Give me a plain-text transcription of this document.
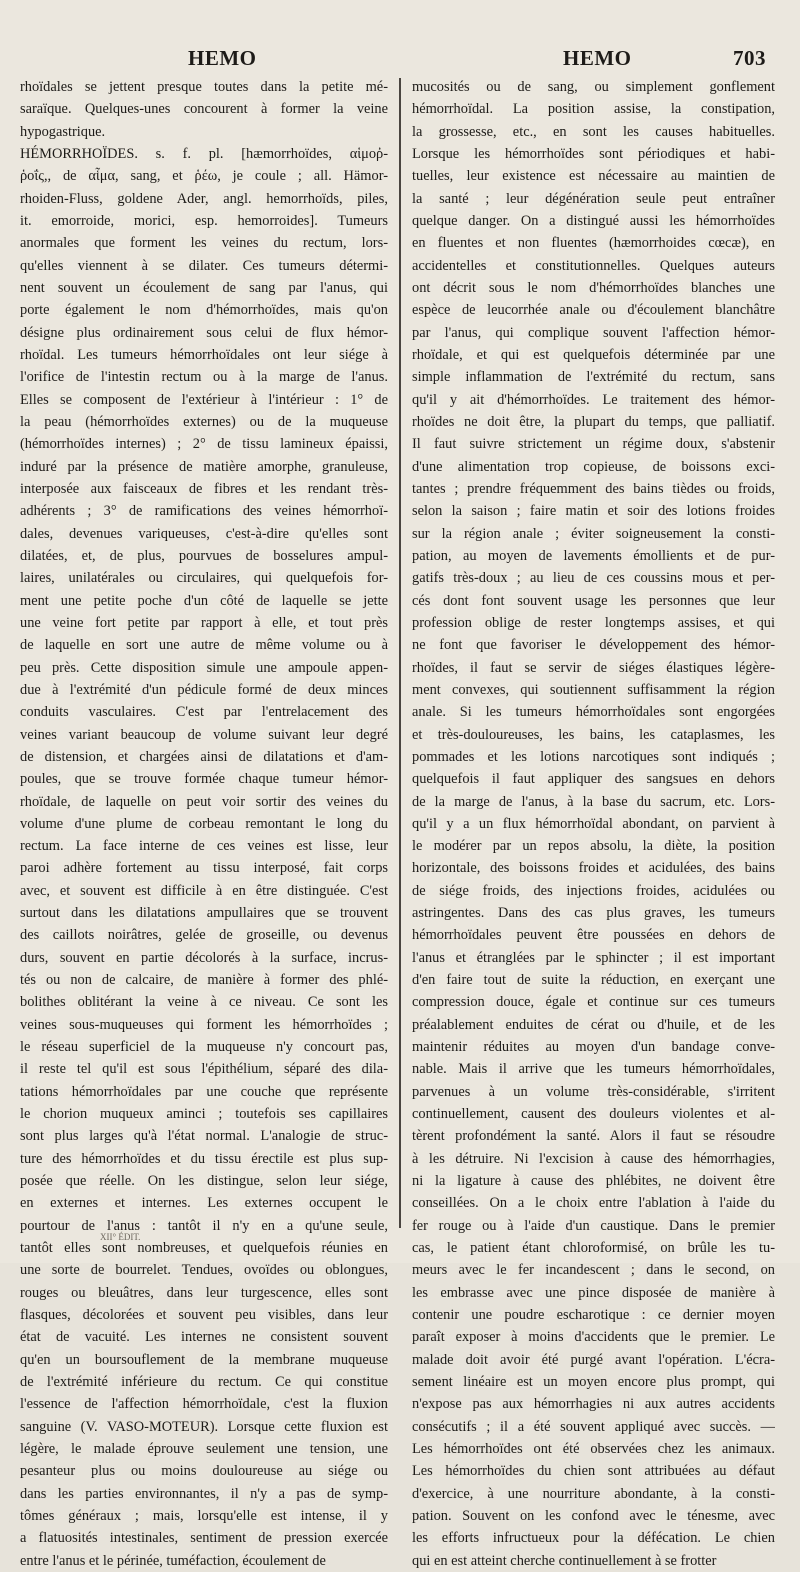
HEMO	HEMO	703
rhoïdales se jettent presque toutes dans la petite mé-
saraïque. Quelques-unes concourent à former la veine
hypogastrique.
HÉMORRHOÏDES. s. f. pl. [hæmorrhoïdes, αἱμοῤ-
ῥοΐς,, de αἷμα, sang, et ῥέω, je coule ; all. Hämor-
rhoiden-Fluss, goldene Ader, angl. hemorrhoïds, piles,
it. emorroide, morici, esp. hemorroides]. Tumeurs
anormales que forment les veines du rectum, lors-
qu'elles viennent à se dilater. Ces tumeurs détermi-
nent souvent un écoulement de sang par l'anus, qui
porte également le nom d'hémorrhoïdes, mais qu'on
désigne plus ordinairement sous celui de flux hémor-
rhoïdal. Les tumeurs hémorrhoïdales ont leur siége à
l'orifice de l'intestin rectum ou à la marge de l'anus.
Elles se composent de l'extérieur à l'intérieur : 1° de
la peau (hémorrhoïdes externes) ou de la muqueuse
(hémorrhoïdes internes) ; 2° de tissu lamineux épaissi,
induré par la présence de matière amorphe, granuleuse,
interposée aux faisceaux de fibres et les rendant très-
adhérents ; 3° de ramifications des veines hémorrhoï-
dales, devenues variqueuses, c'est-à-dire qu'elles sont
dilatées, et, de plus, pourvues de bosselures ampul-
laires, unilatérales ou circulaires, qui quelquefois for-
ment une petite poche d'un côté de laquelle se jette
une veine fort petite par rapport à elle, et tout près
de laquelle en sort une autre de même volume ou à
peu près. Cette disposition simule une ampoule appen-
due à l'extrémité d'un pédicule formé de deux minces
conduits vasculaires. C'est par l'entrelacement des
veines variant beaucoup de volume suivant leur degré
de distension, et chargées ainsi de dilatations et d'am-
poules, que se trouve formée chaque tumeur hémor-
rhoïdale, de laquelle on peut voir sortir des veines du
volume d'une plume de corbeau remontant le long du
rectum. La face interne de ces veines est lisse, leur
paroi adhère fortement au tissu interposé, fait corps
avec, et souvent est difficile à en être distinguée. C'est
surtout dans les dilatations ampullaires que se trouvent
des caillots noirâtres, gelée de groseille, ou devenus
durs, souvent en partie décolorés à la surface, incrus-
tés ou non de calcaire, de manière à former des phlé-
bolithes oblitérant la veine à ce niveau. Ce sont les
veines sous-muqueuses qui forment les hémorrhoïdes ;
le réseau superficiel de la muqueuse n'y concourt pas,
il reste tel qu'il est sous l'épithélium, séparé des dila-
tations hémorrhoïdales par une couche que représente
le chorion muqueux aminci ; toutefois ses capillaires
sont plus larges qu'à l'état normal. L'analogie de struc-
ture des hémorrhoïdes et du tissu érectile est plus sup-
posée que réelle. On les distingue, selon leur siége,
en externes et internes. Les externes occupent le
pourtour de l'anus : tantôt il n'y en a qu'une seule,
tantôt elles sont nombreuses, et quelquefois réunies en
une sorte de bourrelet. Tendues, ovoïdes ou oblongues,
rouges ou bleuâtres, dans leur turgescence, elles sont
flasques, décolorées et souvent peu visibles, dans leur
état de vacuité. Les internes ne consistent souvent
qu'en un boursouflement de la membrane muqueuse
de l'extrémité inférieure du rectum. Ce qui constitue
l'essence de l'affection hémorrhoïdale, c'est la fluxion
sanguine (V. VASO-MOTEUR). Lorsque cette fluxion est
légère, le malade éprouve seulement une tension, une
pesanteur plus ou moins douloureuse au siége ou
dans les parties environnantes, il n'y a pas de symp-
tômes généraux ; mais, lorsqu'elle est intense, il y
a flatuosités intestinales, sentiment de pression exercée
entre l'anus et le périnée, tuméfaction, écoulement de
mucosités ou de sang, ou simplement gonflement
hémorrhoïdal. La position assise, la constipation,
la grossesse, etc., en sont les causes habituelles.
Lorsque les hémorrhoïdes sont périodiques et habi-
tuelles, leur existence est nécessaire au maintien de
la santé ; leur dégénération seule peut entraîner
quelque danger. On a distingué aussi les hémorrhoïdes
en fluentes et non fluentes (hæmorrhoides cœcæ), en
accidentelles et constitutionnelles. Quelques auteurs
ont décrit sous le nom d'hémorrhoïdes blanches une
espèce de leucorrhée anale ou d'écoulement blanchâtre
par l'anus, qui complique souvent l'affection hémor-
rhoïdale, et qui est quelquefois déterminée par une
simple inflammation de l'extrémité du rectum, sans
qu'il y ait d'hémorrhoïdes. Le traitement des hémor-
rhoïdes ne doit être, la plupart du temps, que palliatif.
Il faut suivre strictement un régime doux, s'abstenir
d'une alimentation trop copieuse, de boissons exci-
tantes ; prendre fréquemment des bains tièdes ou froids,
selon la saison ; faire matin et soir des lotions froides
sur la région anale ; éviter soigneusement la consti-
pation, au moyen de lavements émollients et de pur-
gatifs très-doux ; au lieu de ces coussins mous et per-
cés dont font souvent usage les personnes que leur
profession oblige de rester longtemps assises, et qui
ne font que favoriser le développement des hémor-
rhoïdes, il faut se servir de siéges élastiques légère-
ment convexes, qui soutiennent suffisamment la région
anale. Si les tumeurs hémorrhoïdales sont engorgées
et très-douloureuses, les bains, les cataplasmes, les
pommades et les lotions narcotiques sont indiqués ;
quelquefois il faut appliquer des sangsues en dehors
de la marge de l'anus, à la base du sacrum, etc. Lors-
qu'il y a un flux hémorrhoïdal abondant, on parvient à
le modérer par un repos absolu, la diète, la position
horizontale, des boissons froides et acidulées, des bains
de siége froids, des injections froides, acidulées ou
astringentes. Dans des cas plus graves, les tumeurs
hémorrhoïdales peuvent être poussées en dehors de
l'anus et étranglées par le sphincter ; il est important
d'en faire tout de suite la réduction, en exerçant une
compression douce, égale et continue sur ces tumeurs
préalablement enduites de cérat ou d'huile, et de les
maintenir réduites au moyen d'un bandage conve-
nable. Mais il arrive que les tumeurs hémorrhoïdales,
parvenues à un volume très-considérable, s'irritent
continuellement, causent des douleurs violentes et al-
tèrent profondément la santé. Alors il faut se résoudre
à les détruire. Ni l'excision à cause des hémorrhagies,
ni la ligature à cause des phlébites, ne doivent être
conseillées. On a le choix entre l'ablation à l'aide du
fer rouge ou à l'aide d'un caustique. Dans le premier
cas, le patient étant chloroformisé, on brûle les tu-
meurs avec le fer incandescent ; dans le second, on
les embrasse avec une pince disposée de manière à
contenir une poudre escharotique : ce dernier moyen
paraît exposer à moins d'accidents que le premier. Le
malade doit avoir été purgé avant l'opération. L'écra-
sement linéaire est un moyen encore plus prompt, qui
n'expose pas aux hémorrhagies ni aux autres accidents
consécutifs ; il a été souvent appliqué avec succès. —
Les hémorrhoïdes ont été observées chez les animaux.
Les hémorrhoïdes du chien sont attribuées au défaut
d'exercice, à une nourriture abondante, à la consti-
pation. Souvent on les confond avec le ténesme, avec
les efforts infructueux pour la défécation. Le chien
qui en est atteint cherche continuellement à se frotter
XII° ÉDIT.
